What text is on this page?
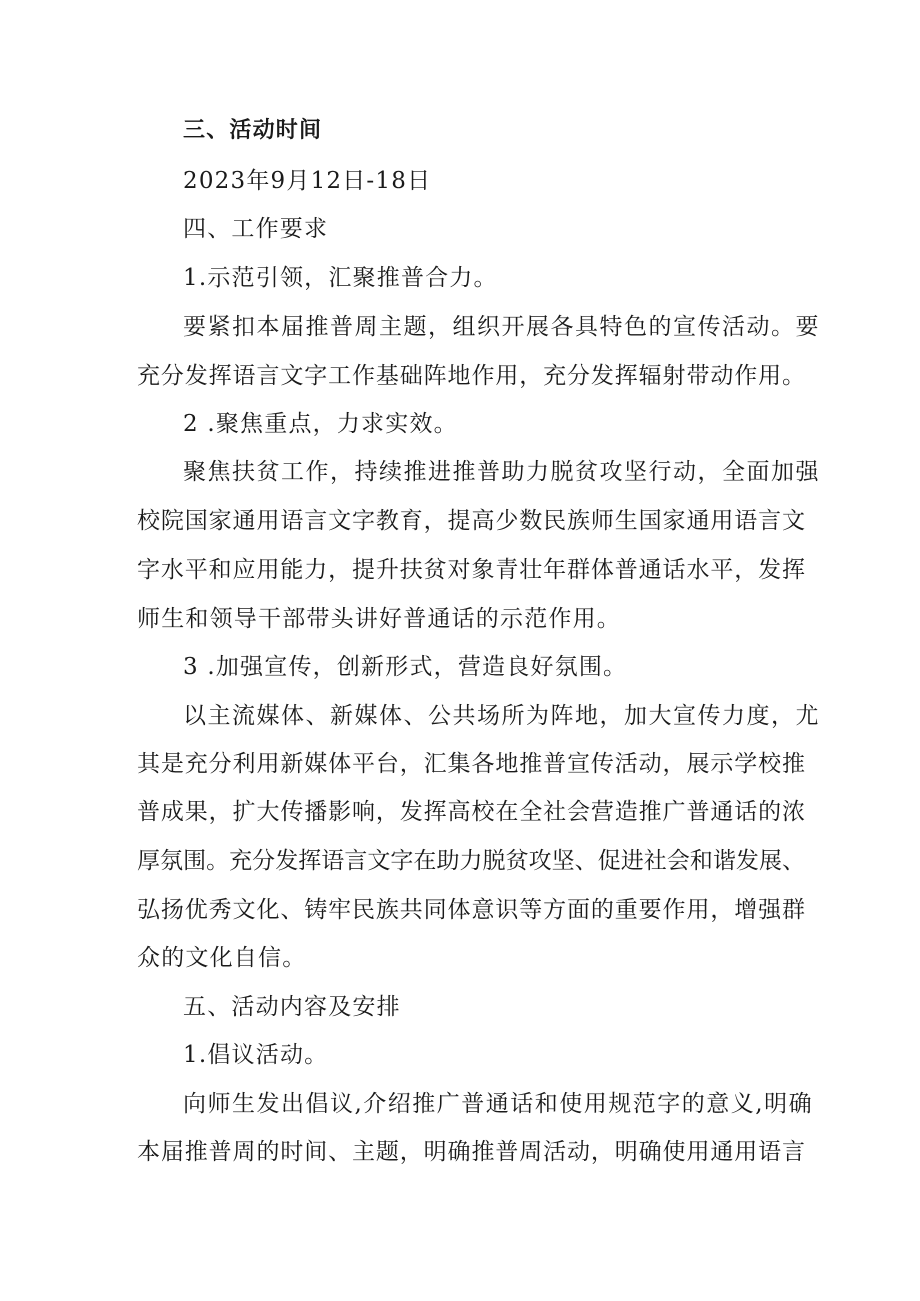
三、活动时间
2023年9月12日-18日
四、工作要求
1.示范引领，汇聚推普合力。
要紧扣本届推普周主题，组织开展各具特色的宣传活动。要
充分发挥语言文字工作基础阵地作用，充分发挥辐射带动作用。
2 .聚焦重点，力求实效。
聚焦扶贫工作，持续推进推普助力脱贫攻坚行动，全面加强
校院国家通用语言文字教育，提高少数民族师生国家通用语言文
字水平和应用能力，提升扶贫对象青壮年群体普通话水平，发挥
师生和领导干部带头讲好普通话的示范作用。
3 .加强宣传，创新形式，营造良好氛围。
以主流媒体、新媒体、公共场所为阵地，加大宣传力度，尤
其是充分利用新媒体平台，汇集各地推普宣传活动，展示学校推
普成果，扩大传播影响，发挥高校在全社会营造推广普通话的浓
厚氛围。充分发挥语言文字在助力脱贫攻坚、促进社会和谐发展、
弘扬优秀文化、铸牢民族共同体意识等方面的重要作用，增强群
众的文化自信。
五、活动内容及安排
1.倡议活动。
向师生发出倡议,介绍推广普通话和使用规范字的意义,明确
本届推普周的时间、主题，明确推普周活动，明确使用通用语言
